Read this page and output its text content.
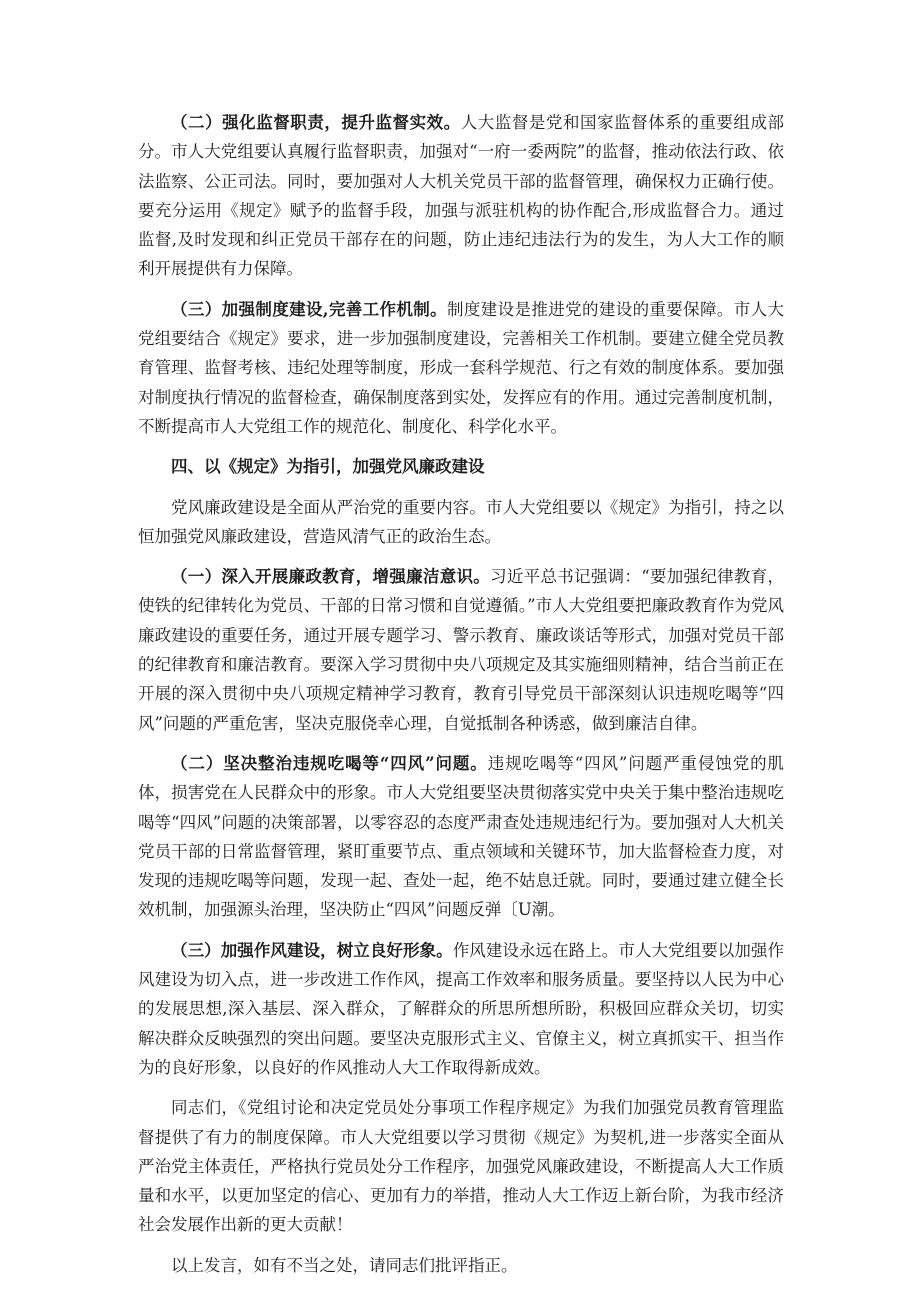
（二）强化监督职责，提升监督实效。人大监督是党和国家监督体系的重要组成部分。市人大党组要认真履行监督职责，加强对“一府一委两院”的监督，推动依法行政、依法监察、公正司法。同时，要加强对人大机关党员干部的监督管理，确保权力正确行使。要充分运用《规定》赋予的监督手段，加强与派驻机构的协作配合,形成监督合力。通过监督,及时发现和纠正党员干部存在的问题，防止违纪违法行为的发生，为人大工作的顺利开展提供有力保障。

（三）加强制度建设,完善工作机制。制度建设是推进党的建设的重要保障。市人大党组要结合《规定》要求，进一步加强制度建设，完善相关工作机制。要建立健全党员教育管理、监督考核、违纪处理等制度，形成一套科学规范、行之有效的制度体系。要加强对制度执行情况的监督检查，确保制度落到实处，发挥应有的作用。通过完善制度机制，不断提高市人大党组工作的规范化、制度化、科学化水平。

四、以《规定》为指引，加强党风廉政建设

党风廉政建设是全面从严治党的重要内容。市人大党组要以《规定》为指引，持之以恒加强党风廉政建设，营造风清气正的政治生态。

（一）深入开展廉政教育，增强廉洁意识。习近平总书记强调：“要加强纪律教育，使铁的纪律转化为党员、干部的日常习惯和自觉遵循。”市人大党组要把廉政教育作为党风廉政建设的重要任务，通过开展专题学习、警示教育、廉政谈话等形式，加强对党员干部的纪律教育和廉洁教育。要深入学习贯彻中央八项规定及其实施细则精神，结合当前正在开展的深入贯彻中央八项规定精神学习教育，教育引导党员干部深刻认识违规吃喝等“四风”问题的严重危害，坚决克服侥幸心理，自觉抵制各种诱惑，做到廉洁自律。

（二）坚决整治违规吃喝等“四风”问题。违规吃喝等“四风”问题严重侵蚀党的肌体，损害党在人民群众中的形象。市人大党组要坚决贯彻落实党中央关于集中整治违规吃喝等“四风”问题的决策部署，以零容忍的态度严肃查处违规违纪行为。要加强对人大机关党员干部的日常监督管理，紧盯重要节点、重点领域和关键环节，加大监督检查力度，对发现的违规吃喝等问题，发现一起、查处一起，绝不姑息迁就。同时，要通过建立健全长效机制，加强源头治理，坚决防止“四风”问题反弹〔U潮。

（三）加强作风建设，树立良好形象。作风建设永远在路上。市人大党组要以加强作风建设为切入点，进一步改进工作作风，提高工作效率和服务质量。要坚持以人民为中心的发展思想,深入基层、深入群众，了解群众的所思所想所盼，积极回应群众关切，切实解决群众反映强烈的突出问题。要坚决克服形式主义、官僚主义，树立真抓实干、担当作为的良好形象，以良好的作风推动人大工作取得新成效。

同志们，《党组讨论和决定党员处分事项工作程序规定》为我们加强党员教育管理监督提供了有力的制度保障。市人大党组要以学习贯彻《规定》为契机,进一步落实全面从严治党主体责任，严格执行党员处分工作程序，加强党风廉政建设，不断提高人大工作质量和水平，以更加坚定的信心、更加有力的举措，推动人大工作迈上新台阶，为我市经济社会发展作出新的更大贡献！

以上发言，如有不当之处，请同志们批评指正。
